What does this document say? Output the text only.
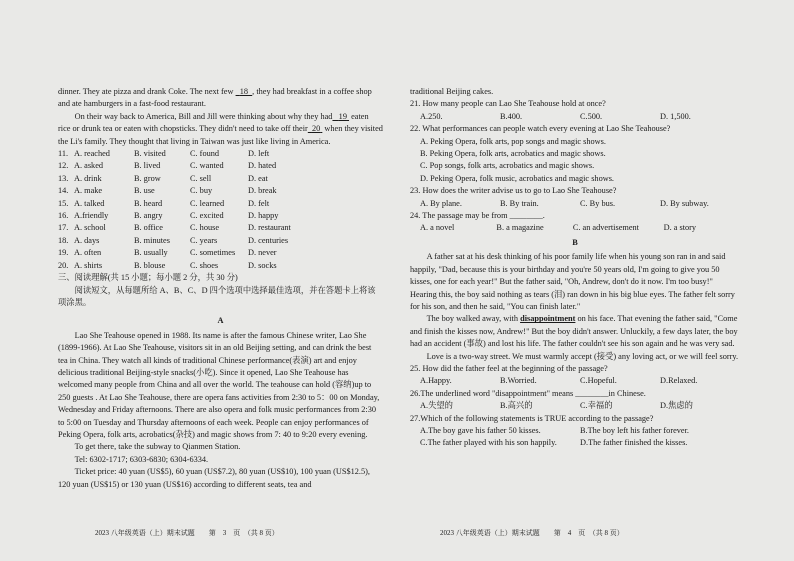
dinner. They ate pizza and drank Coke. The next few 18 , they had breakfast in a coffee shop and ate hamburgers in a fast-food restaurant.

On their way back to America, Bill and Jill were thinking about why they had 19 eaten rice or drunk tea or eaten with chopsticks. They didn't need to take off their 20 when they visited the Li's family. They thought that living in Taiwan was just like living in America.

11. A. reached	B. visited	C. found	D. left
12. A. asked	B. lived	C. wanted	D. hated
13. A. drink	B. grow	C. sell	D. eat
14. A. make	B. use	C. buy	D. break
15. A. talked	B. heard	C. learned	D. felt
16. A.friendly	B. angry	C. excited	D. happy
17. A. school	B. office	C. house	D. restaurant
18. A. days	B. minutes	C. years	D. centuries
19. A. often	B. usually	C. sometimes	D. never
20. A. shirts	B. blouse	C. shoes	D. socks

三、阅读理解(共 15 小题；每小题 2 分，共 30 分)

阅读短文，从每题所给 A、B、C、D 四个选项中选择最佳选项，并在答题卡上将该项涂黑。

A

Lao She Teahouse opened in 1988. Its name is after the famous Chinese writer, Lao She (1899-1966). At Lao She Teahouse, visitors sit in an old Beijing setting, and can drink the best tea in China. They watch all kinds of traditional Chinese performance(表演) art and enjoy delicious traditional Beijing-style snacks(小吃). Since it opened, Lao She Teahouse has welcomed many people from China and all over the world. The teahouse can hold (容纳)up to 250 guests . At Lao She Teahouse, there are opera fans activities from 2:30 to 5：00 on Monday, Wednesday and Friday afternoons. There are also opera and folk music performances from 2:30 to 5:00 on Tuesday and Thursday afternoons of each week. People can enjoy performances of Peking Opera, folk arts, acrobatics(杂技) and magic shows from 7: 40 to 9:20 every evening.

To get there, take the subway to Qianmen Station.

Tel: 6302-1717; 6303-6830; 6304-6334.

Ticket price: 40 yuan (US$5), 60 yuan (US$7.2), 80 yuan (US$10), 100 yuan (US$12.5), 120 yuan (US$15) or 130 yuan (US$16) according to different seats, tea and

traditional Beijing cakes.

21. How many people can Lao She Teahouse hold at once?

A.250.	B.400.	C.500.	D. 1,500.

22. What performances can people watch every evening at Lao She Teahouse?

A. Peking Opera, folk arts, pop songs and magic shows.

B. Peking Opera, folk arts, acrobatics and magic shows.

C. Pop songs, folk arts, acrobatics and magic shows.

D. Peking Opera, folk music, acrobatics and magic shows.

23. How does the writer advise us to go to Lao She Teahouse?

A. By plane.	B. By train.	C. By bus.	D. By subway.

24. The passage may be from ________.

A. a novel	B. a magazine	C. an advertisement	D. a story

B

A father sat at his desk thinking of his poor family life when his young son ran in and said happily, "Dad, because this is your birthday and you're 50 years old, I'm going to give you 50 kisses, one for each year!" But the father said, "Oh, Andrew, don't do it now. I'm too busy!" Hearing this, the boy said nothing as tears (泪) ran down in his big blue eyes. The father felt sorry for his son, and then he said, "You can finish later."

The boy walked away, with disappointment on his face. That evening the father said, "Come and finish the kisses now, Andrew!" But the boy didn't answer. Unluckily, a few days later, the boy had an accident (事故) and lost his life. The father couldn't see his son again and he was very sad.

Love is a two-way street. We must warmly accept (接受) any loving act, or we will feel sorry.

25. How did the father feel at the beginning of the passage?

A.Happy.	B.Worried.	C.Hopeful.	D.Relaxed.

26.The underlined word "disappointment" means ________in Chinese.

A.失望的	B.高兴的	C.幸福的	D.焦虑的

27.Which of the following statements is TRUE according to the passage?

A.The boy gave his father 50 kisses.	B.The boy left his father forever.
C.The father played with his son happily.	D.The father finished the kisses.
2023 八年级英语（上）期末试题　　第　3　页　（共 8 页）	2023 八年级英语（上）期末试题　　第　4　页　（共 8 页）
